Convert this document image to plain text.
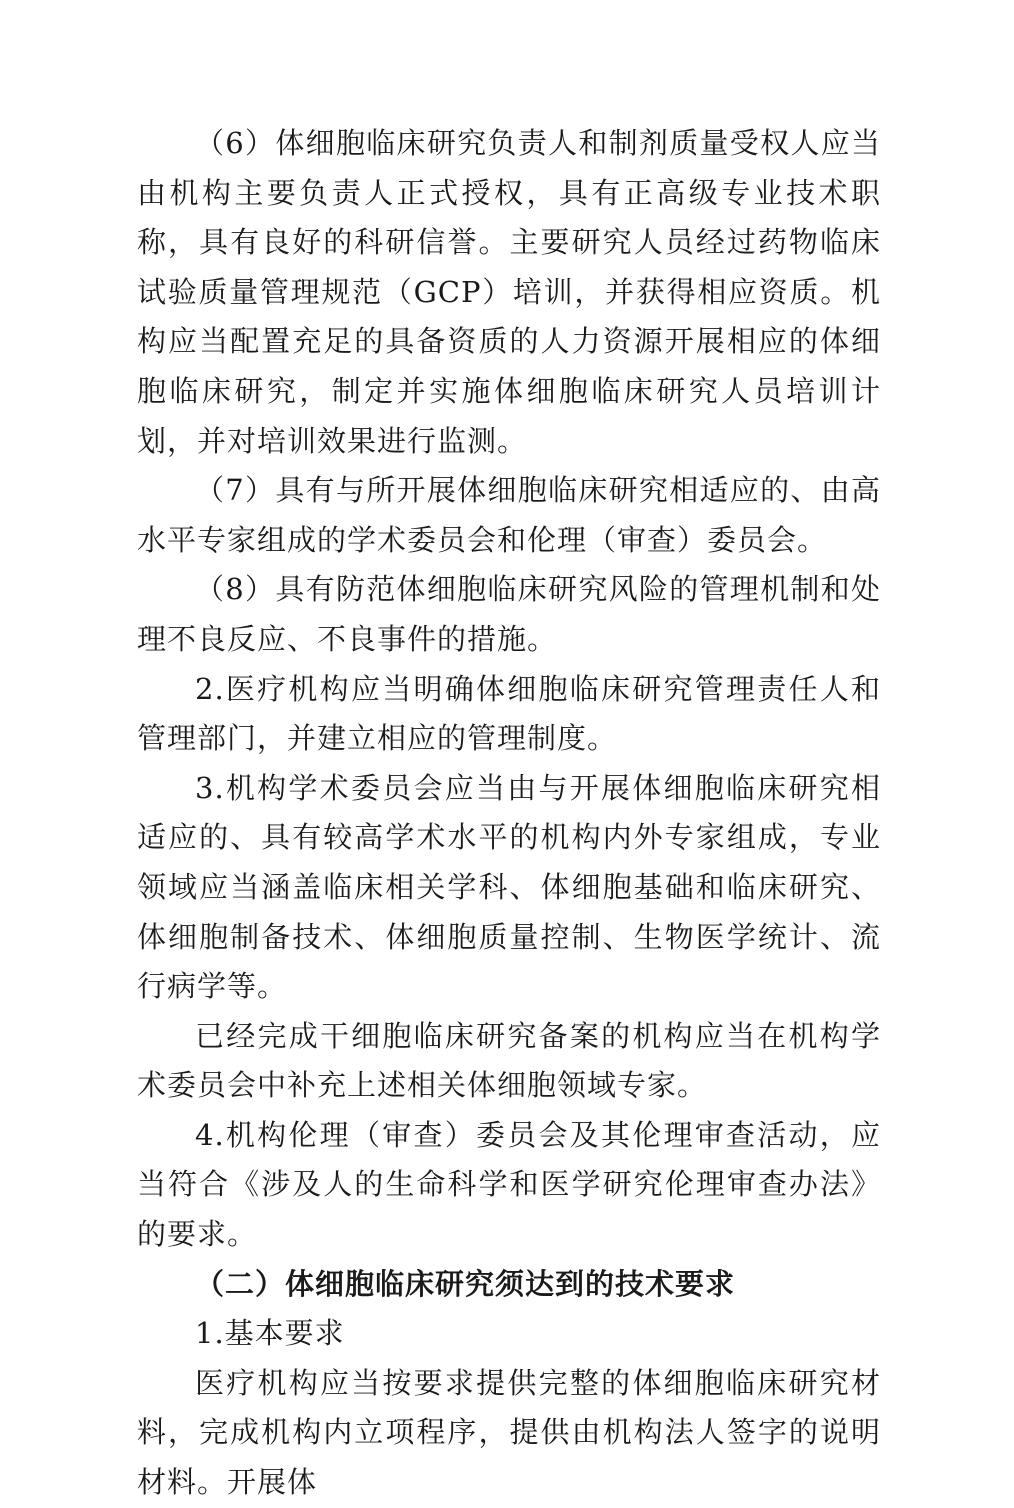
（6）体细胞临床研究负责人和制剂质量受权人应当由机构主要负责人正式授权，具有正高级专业技术职称，具有良好的科研信誉。主要研究人员经过药物临床试验质量管理规范（GCP）培训，并获得相应资质。机构应当配置充足的具备资质的人力资源开展相应的体细胞临床研究，制定并实施体细胞临床研究人员培训计划，并对培训效果进行监测。

（7）具有与所开展体细胞临床研究相适应的、由高水平专家组成的学术委员会和伦理（审查）委员会。

（8）具有防范体细胞临床研究风险的管理机制和处理不良反应、不良事件的措施。

2.医疗机构应当明确体细胞临床研究管理责任人和管理部门，并建立相应的管理制度。

3.机构学术委员会应当由与开展体细胞临床研究相适应的、具有较高学术水平的机构内外专家组成，专业领域应当涵盖临床相关学科、体细胞基础和临床研究、体细胞制备技术、体细胞质量控制、生物医学统计、流行病学等。

已经完成干细胞临床研究备案的机构应当在机构学术委员会中补充上述相关体细胞领域专家。

4.机构伦理（审查）委员会及其伦理审查活动，应当符合《涉及人的生命科学和医学研究伦理审查办法》的要求。

（二）体细胞临床研究须达到的技术要求

1.基本要求

医疗机构应当按要求提供完整的体细胞临床研究材料，完成机构内立项程序，提供由机构法人签字的说明材料。开展体
